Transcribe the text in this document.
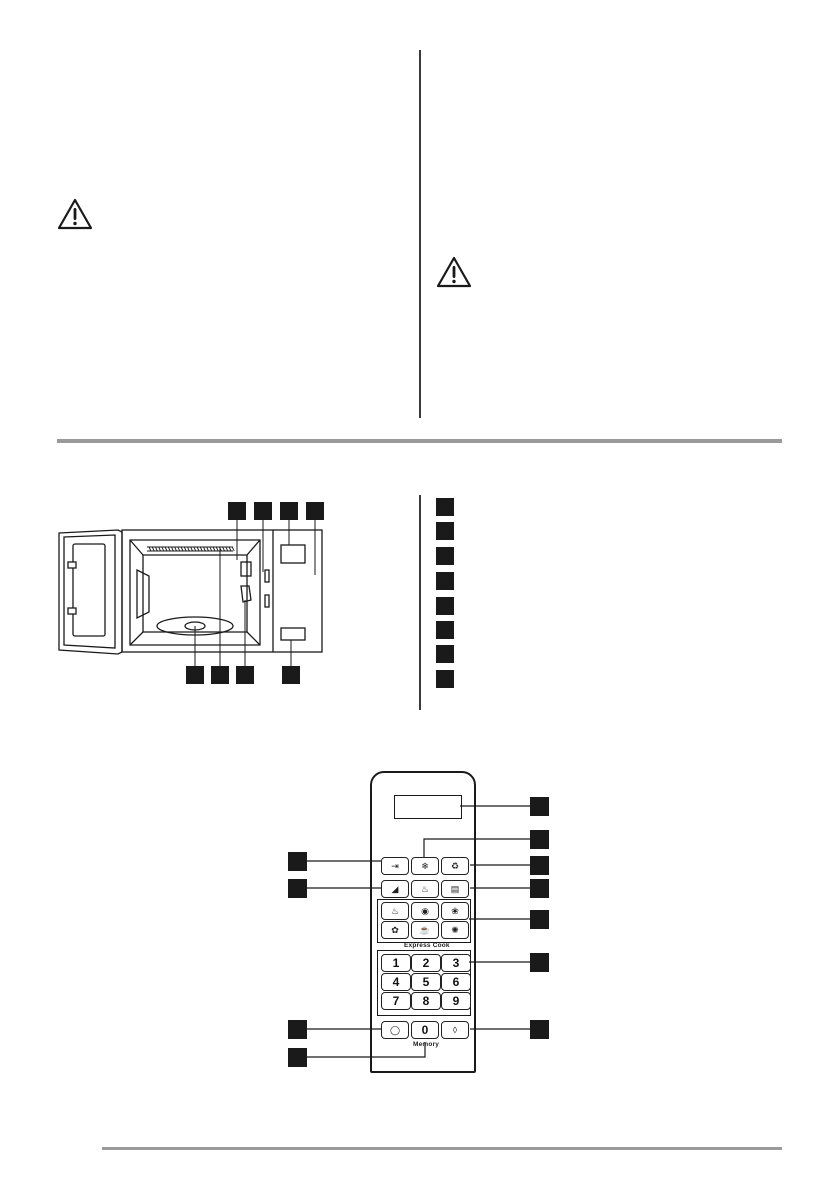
⇥	❄	♻
◢	♨	▤
♨	◉	❀
✿	☕	✺
Express Cook
1	2	3
4	5	6
7	8	9
◯	0	◊
Memory
